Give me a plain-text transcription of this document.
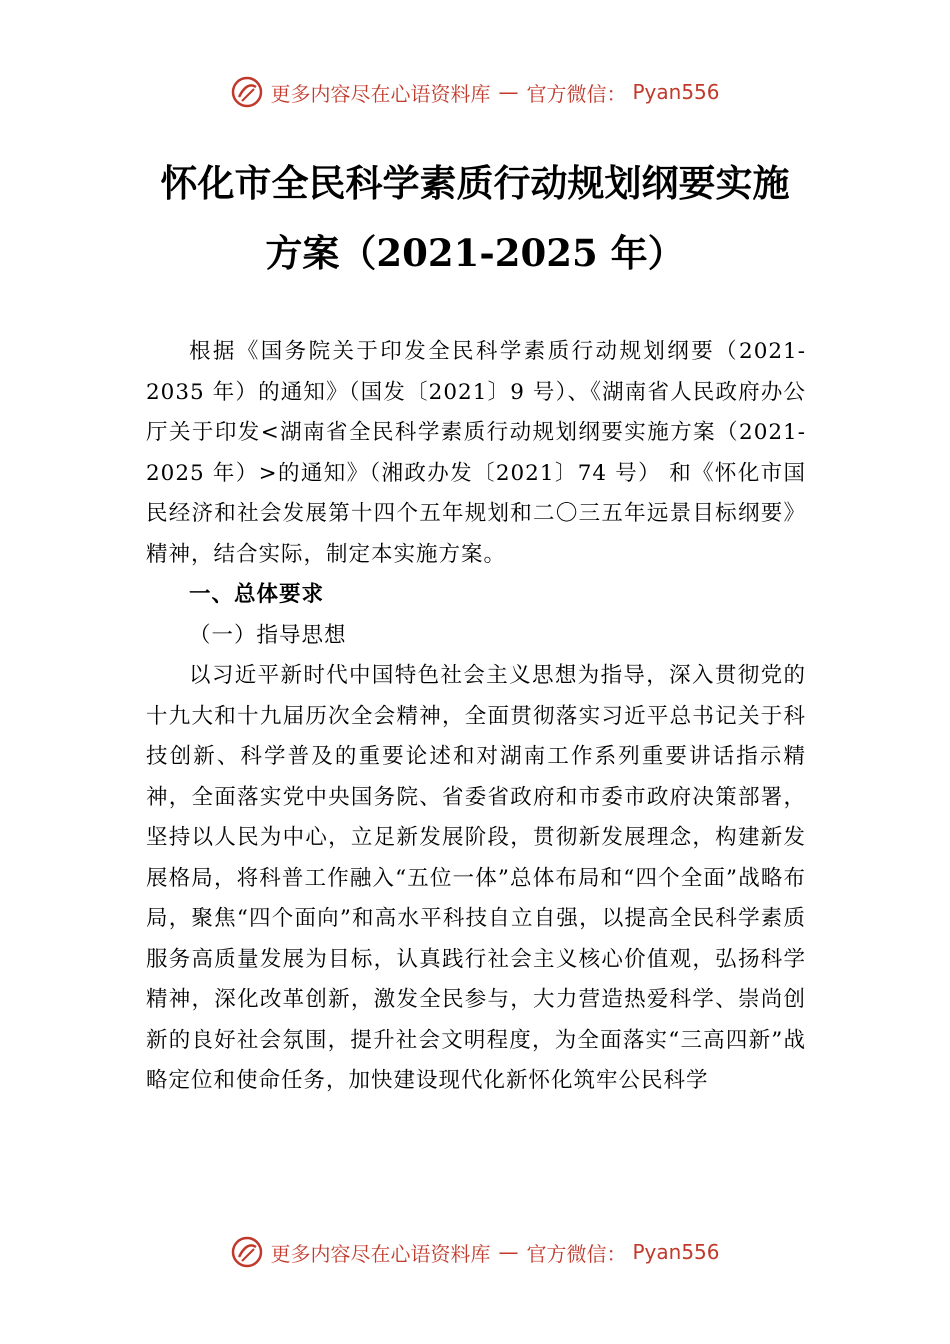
更多内容尽在心语资料库 — 官方微信： Pyan556
怀化市全民科学素质行动规划纲要实施方案（2021-2025 年）

根据《国务院关于印发全民科学素质行动规划纲要（2021-2035 年）的通知》（国发〔2021〕9 号）、《湖南省人民政府办公厅关于印发<湖南省全民科学素质行动规划纲要实施方案（2021-2025 年）>的通知》（湘政办发〔2021〕74 号） 和《怀化市国民经济和社会发展第十四个五年规划和二〇三五年远景目标纲要》精神，结合实际，制定本实施方案。

一、总体要求

（一）指导思想

以习近平新时代中国特色社会主义思想为指导，深入贯彻党的十九大和十九届历次全会精神，全面贯彻落实习近平总书记关于科技创新、科学普及的重要论述和对湖南工作系列重要讲话指示精神，全面落实党中央国务院、省委省政府和市委市政府决策部署，坚持以人民为中心，立足新发展阶段，贯彻新发展理念，构建新发展格局，将科普工作融入“五位一体”总体布局和“四个全面”战略布局，聚焦“四个面向”和高水平科技自立自强，以提高全民科学素质服务高质量发展为目标，认真践行社会主义核心价值观，弘扬科学精神，深化改革创新，激发全民参与，大力营造热爱科学、崇尚创新的良好社会氛围，提升社会文明程度，为全面落实“三高四新”战略定位和使命任务，加快建设现代化新怀化筑牢公民科学

更多内容尽在心语资料库 — 官方微信： Pyan556
